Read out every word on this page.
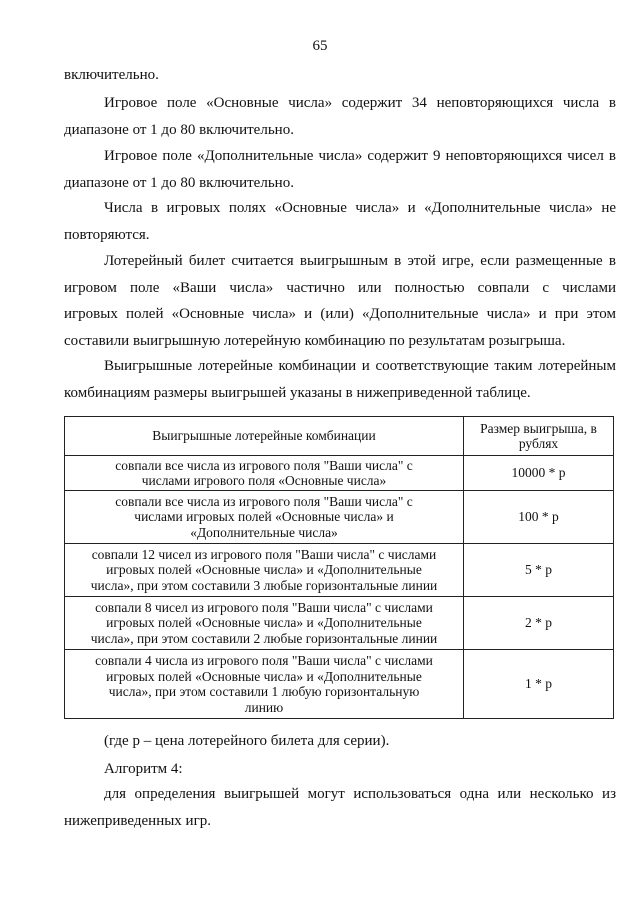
65
включительно.
Игровое поле «Основные числа» содержит 34 неповторяющихся числа в
диапазоне от 1 до 80 включительно.
Игровое поле «Дополнительные числа» содержит 9 неповторяющихся чисел в
диапазоне от 1 до 80 включительно.
Числа в игровых полях «Основные числа» и «Дополнительные числа» не
повторяются.
Лотерейный билет считается выигрышным в этой игре, если размещенные в
игровом поле «Ваши числа» частично или полностью совпали с числами
игровых полей «Основные числа» и (или) «Дополнительные числа» и при этом
составили выигрышную лотерейную комбинацию по результатам розыгрыша.
Выигрышные лотерейные комбинации и соответствующие таким лотерейным
комбинациям размеры выигрышей указаны в нижеприведенной таблице.
Выигрышные лотерейные комбинации	Размер выигрыша, в
рублях

совпали все числа из игрового поля "Ваши числа" с
числами игрового поля «Основные числа»	10000 * р

совпали все числа из игрового поля "Ваши числа" с
числами игровых полей «Основные числа» и
«Дополнительные числа»	100 * р

совпали 12 чисел из игрового поля "Ваши числа" с числами
игровых полей «Основные числа» и «Дополнительные
числа», при этом составили 3 любые горизонтальные линии	5 * р

совпали 8 чисел из игрового поля "Ваши числа" с числами
игровых полей «Основные числа» и «Дополнительные
числа», при этом составили 2 любые горизонтальные линии	2 * р

совпали 4 числа из игрового поля "Ваши числа" с числами
игровых полей «Основные числа» и «Дополнительные
числа», при этом составили 1 любую горизонтальную
линию	1 * р
(где р – цена лотерейного билета для серии).
Алгоритм 4:
для определения выигрышей могут использоваться одна или несколько из
нижеприведенных игр.
